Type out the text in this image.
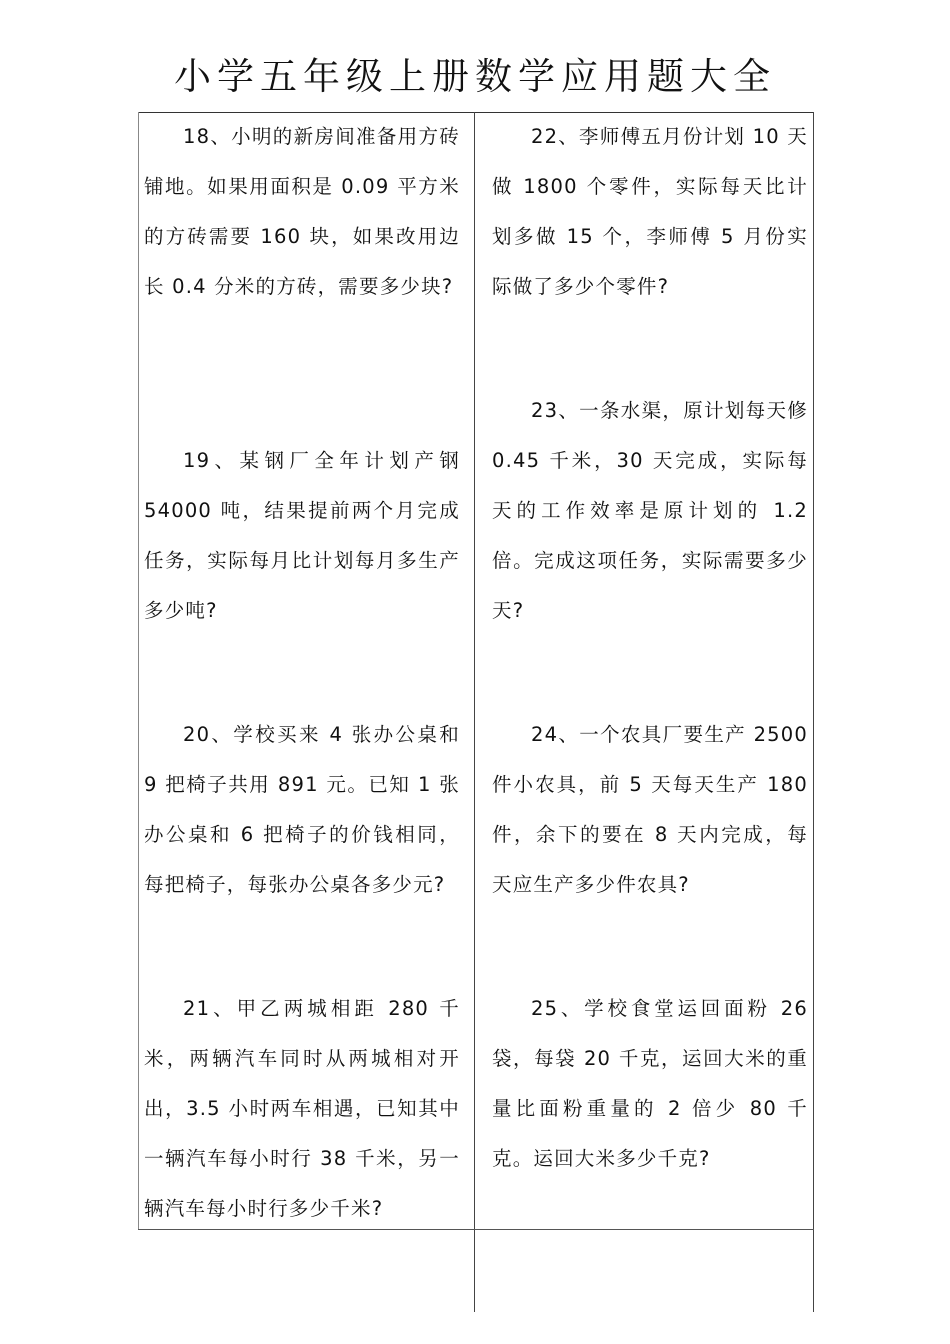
小学五年级上册数学应用题大全

18、小明的新房间准备用方砖铺地。如果用面积是 0.09 平方米的方砖需要 160 块，如果改用边长 0.4 分米的方砖，需要多少块?

19、某钢厂全年计划产钢 54000 吨，结果提前两个月完成任务，实际每月比计划每月多生产多少吨?

20、学校买来 4 张办公桌和 9 把椅子共用 891 元。已知 1 张办公桌和 6 把椅子的价钱相同，每把椅子，每张办公桌各多少元?

21、甲乙两城相距 280 千米，两辆汽车同时从两城相对开出，3.5 小时两车相遇，已知其中一辆汽车每小时行 38 千米，另一辆汽车每小时行多少千米?

22、李师傅五月份计划 10 天做 1800 个零件，实际每天比计划多做 15 个，李师傅 5 月份实际做了多少个零件?

23、一条水渠，原计划每天修 0.45 千米，30 天完成，实际每天的工作效率是原计划的 1.2 倍。完成这项任务，实际需要多少天?

24、一个农具厂要生产 2500 件小农具，前 5 天每天生产 180 件，余下的要在 8 天内完成，每天应生产多少件农具?

25、学校食堂运回面粉 26 袋，每袋 20 千克，运回大米的重量比面粉重量的 2 倍少 80 千克。运回大米多少千克?
